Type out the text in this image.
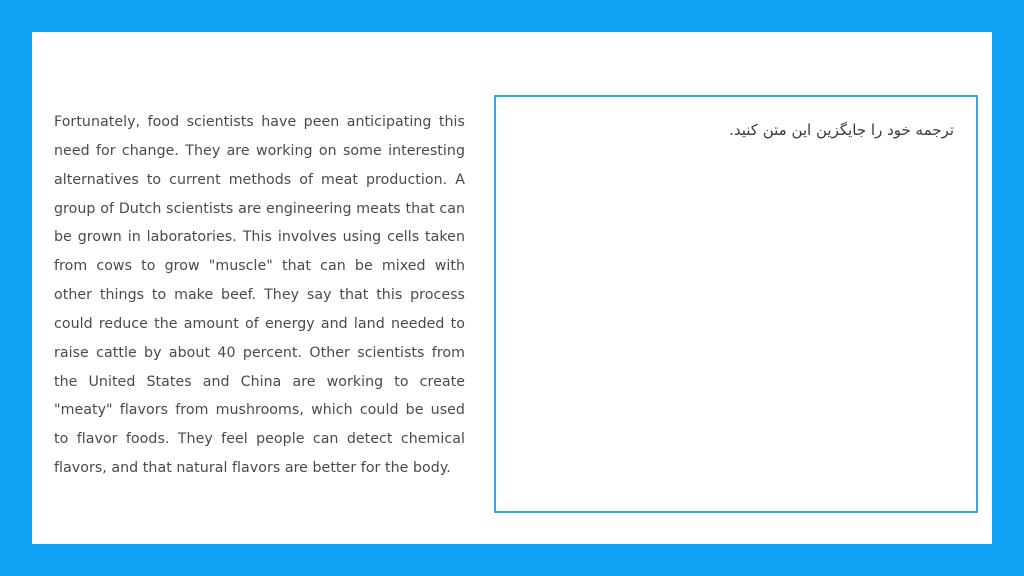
Fortunately, food scientists have peen anticipating this need for change. They are working on some interesting alternatives to current methods of meat production. A group of Dutch scientists are engineering meats that can be grown in laboratories. This involves using cells taken from cows to grow "muscle" that can be mixed with other things to make beef. They say that this process could reduce the amount of energy and land needed to raise cattle by about 40 percent. Other scientists from the United States and China are working to create "meaty" flavors from mushrooms, which could be used to flavor foods. They feel people can detect chemical flavors, and that natural flavors are better for the body.

ترجمه خود را جایگزین این متن کنید.
